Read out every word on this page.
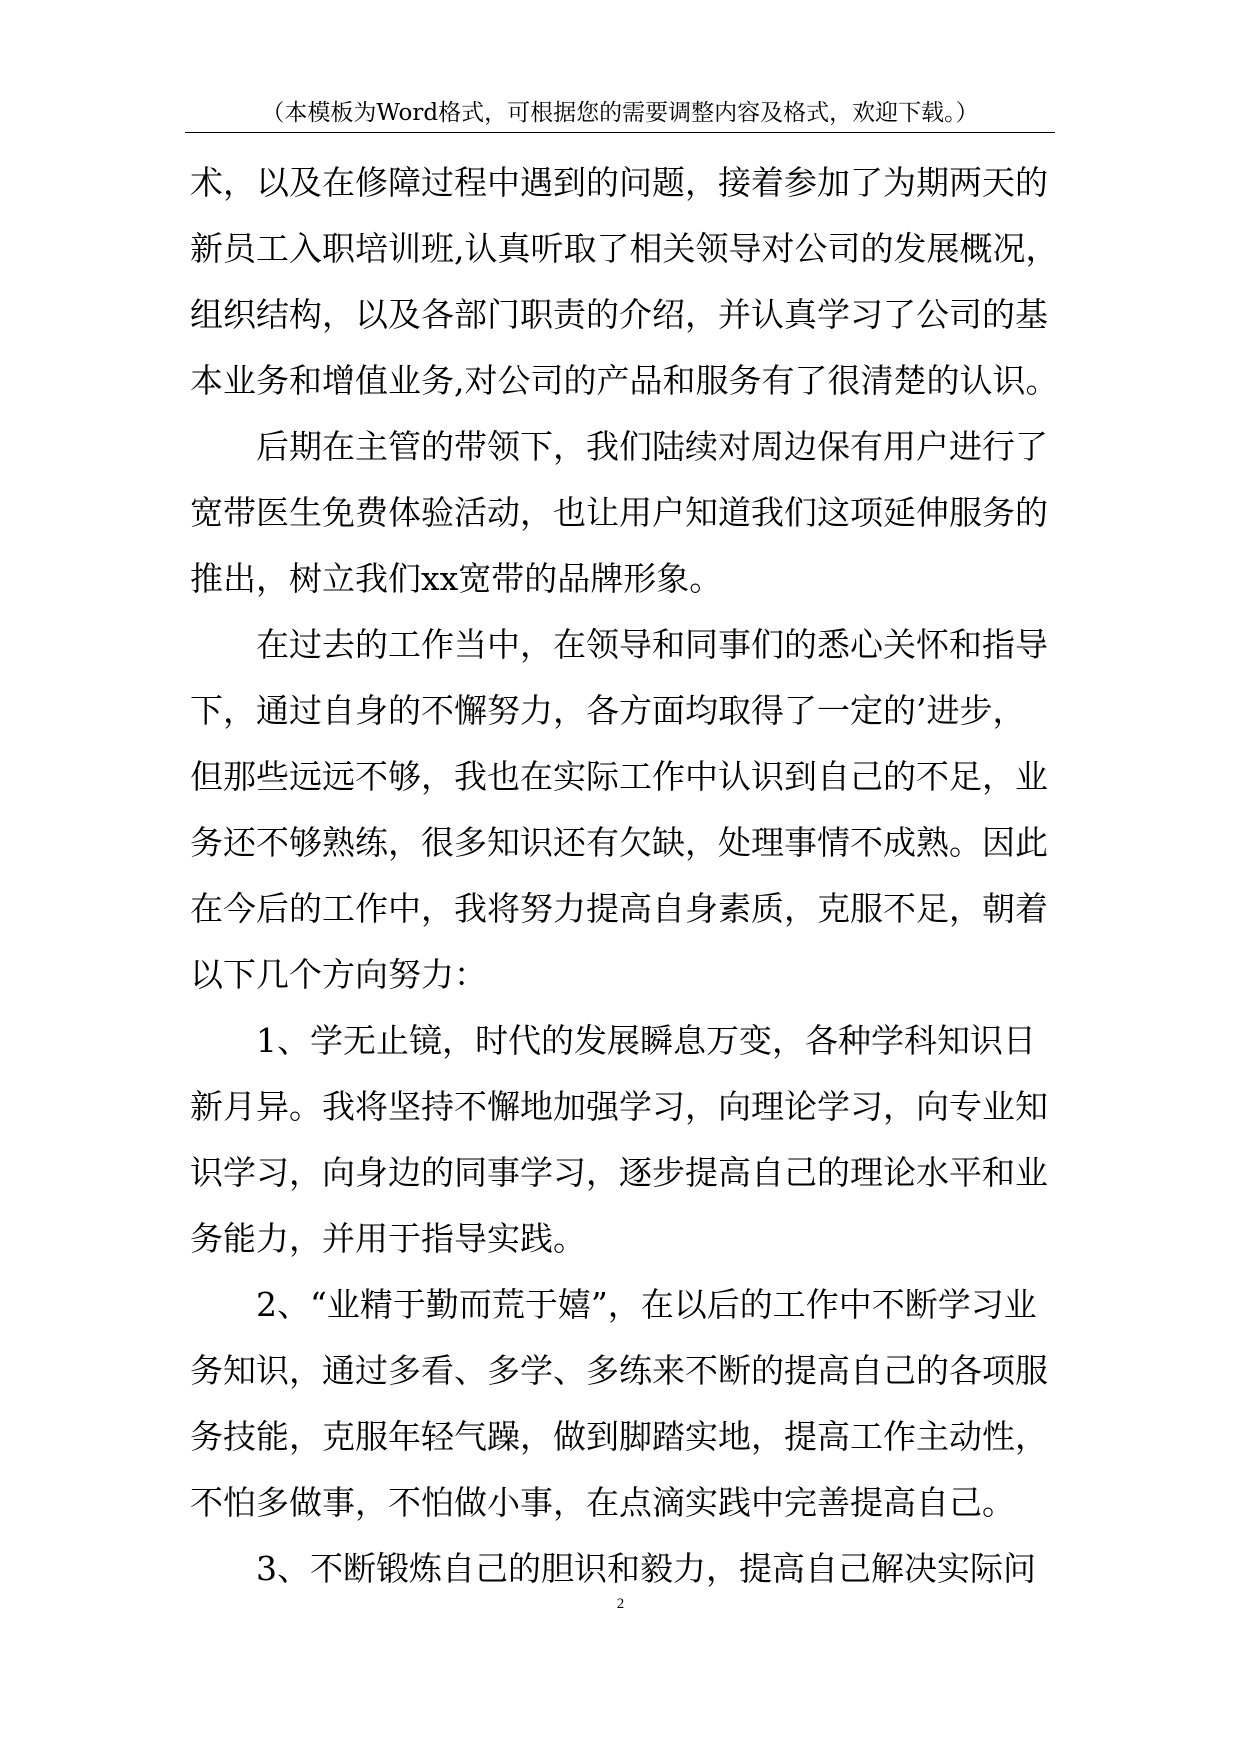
（本模板为Word格式，可根据您的需要调整内容及格式，欢迎下载。）
术，以及在修障过程中遇到的问题，接着参加了为期两天的
新员工入职培训班,认真听取了相关领导对公司的发展概况，
组织结构，以及各部门职责的介绍，并认真学习了公司的基
本业务和增值业务,对公司的产品和服务有了很清楚的认识。
后期在主管的带领下，我们陆续对周边保有用户进行了
宽带医生免费体验活动，也让用户知道我们这项延伸服务的
推出，树立我们xx宽带的品牌形象。
在过去的工作当中，在领导和同事们的悉心关怀和指导
下，通过自身的不懈努力，各方面均取得了一定的’进步，
但那些远远不够，我也在实际工作中认识到自己的不足，业
务还不够熟练，很多知识还有欠缺，处理事情不成熟。因此
在今后的工作中，我将努力提高自身素质，克服不足，朝着
以下几个方向努力：
1、学无止镜，时代的发展瞬息万变，各种学科知识日
新月异。我将坚持不懈地加强学习，向理论学习，向专业知
识学习，向身边的同事学习，逐步提高自己的理论水平和业
务能力，并用于指导实践。
2、“业精于勤而荒于嬉”，在以后的工作中不断学习业
务知识，通过多看、多学、多练来不断的提高自己的各项服
务技能，克服年轻气躁，做到脚踏实地，提高工作主动性，
不怕多做事，不怕做小事，在点滴实践中完善提高自己。
3、不断锻炼自己的胆识和毅力，提高自己解决实际问
2
